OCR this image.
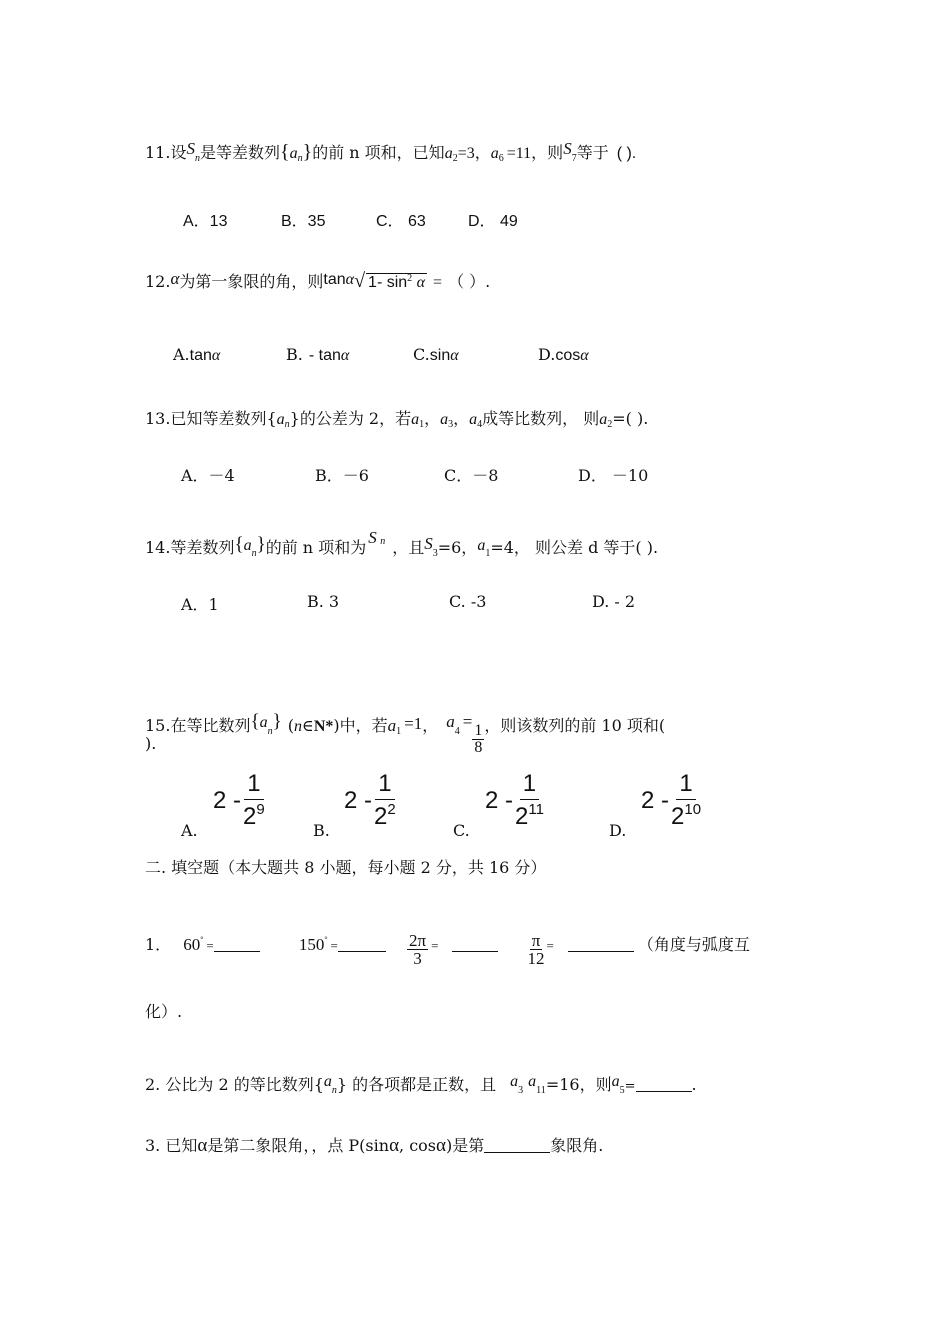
11.设$S_n$是等差数列$\{a_n\}$的前 n 项和，已知$a_2=3$，$a_6 =11$，则$S_7$等于 ( ).
A．13	B．35	C． 63	D． 49
12.α为第一象限的角，则tanα√ 1- $\sin^2 \alpha$ = （ ）.
A.tanα	B. - tanα	C.sinα	D.cosα
13.已知等差数列$\{a_n\}$的公差为 2，若$a_1$，$a_3$，$a_4$成等比数列， 则$a_2=$( ).
A．－4	B．－6	C．－8	D． －10
14.等差数列$\{a_n\}$的前 n 项和为
S n ，且$S_3=6$，$a_1=4$， 则公差 d 等于( ).
A．1	B. 3	C. -3	D. - 2
15.在等比数列$\{a_n\}$ (n∈N*)中，若$a_1 =1$， $a_4=$
$\frac{1}{8}$ ，则该数列的前 10 项和(
).
A.
$2 - \frac{1}{2^9}$	B.
$2 - \frac{1}{2^2}$	C.
$2 - \frac{1}{2^{11}}$	D.
$2 - \frac{1}{2^{10}}$
二. 填空题（本大题共 8 小题，每小题 2 分，共 16 分）
1． 60° =	150° =	$\frac{2\pi}{3}$ =	$\frac{\pi}{12}$ =	（角度与弧度互
化）.
2. 公比为 2 的等比数列$\{a_n\}$ 的各项都是正数，且 $a_3a_{11}=16$，则$a_5=$	.
3. 已知α是第二象限角，，点 P(sinα, cosα)是第	象限角.
